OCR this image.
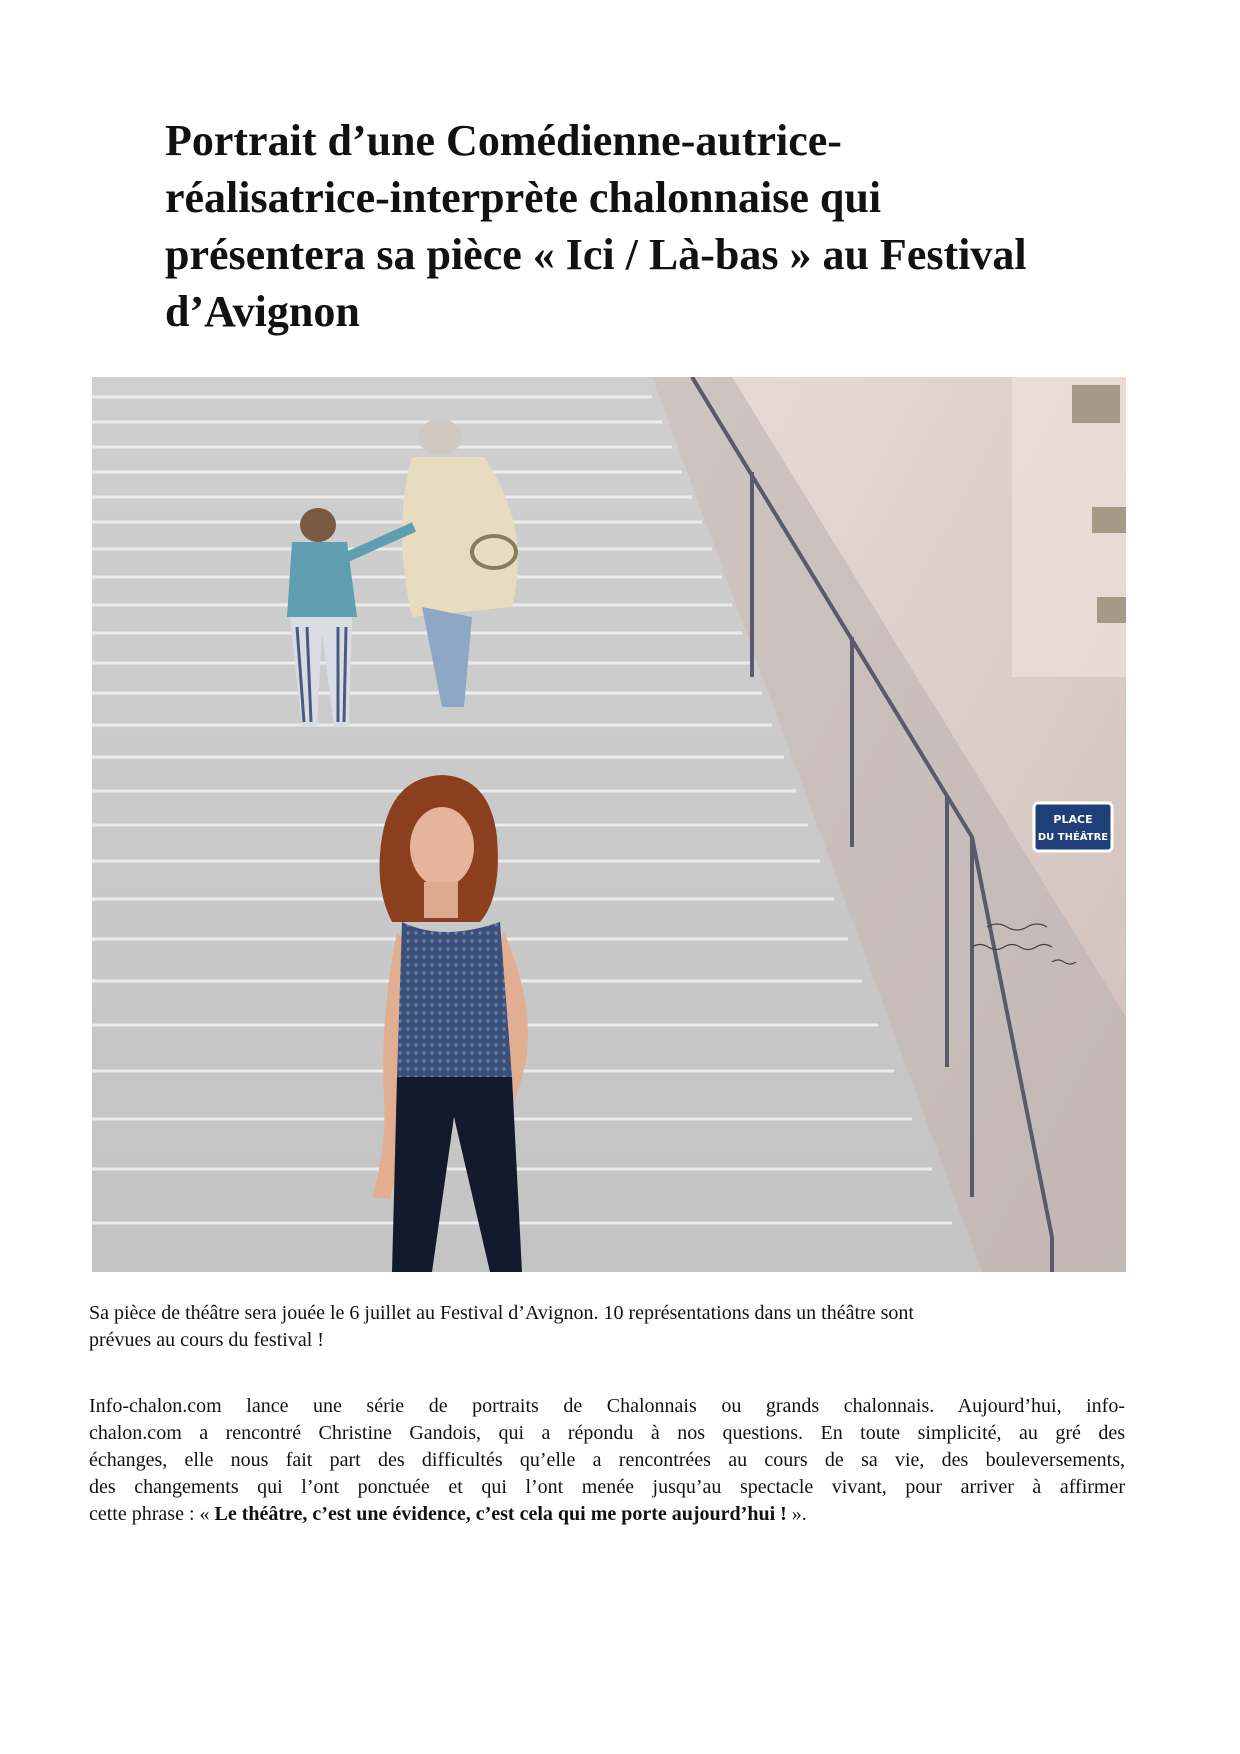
Portrait d’une Comédienne-autrice-
réalisatrice-interprète chalonnaise qui
présentera sa pièce « Ici / Là-bas » au Festival
d’Avignon
PLACE
DU THÉÂTRE

Sa pièce de théâtre sera jouée le 6 juillet au Festival d’Avignon. 10 représentations dans un théâtre sont
prévues au cours du festival !

Info-chalon.com lance une série de portraits de Chalonnais ou grands chalonnais. Aujourd’hui, info-
chalon.com a rencontré Christine Gandois, qui a répondu à nos questions. En toute simplicité, au gré des
échanges, elle nous fait part des difficultés qu’elle a rencontrées au cours de sa vie, des bouleversements,
des changements qui l’ont ponctuée et qui l’ont menée jusqu’au spectacle vivant, pour arriver à affirmer
cette phrase : « Le théâtre, c’est une évidence, c’est cela qui me porte aujourd’hui ! ».
